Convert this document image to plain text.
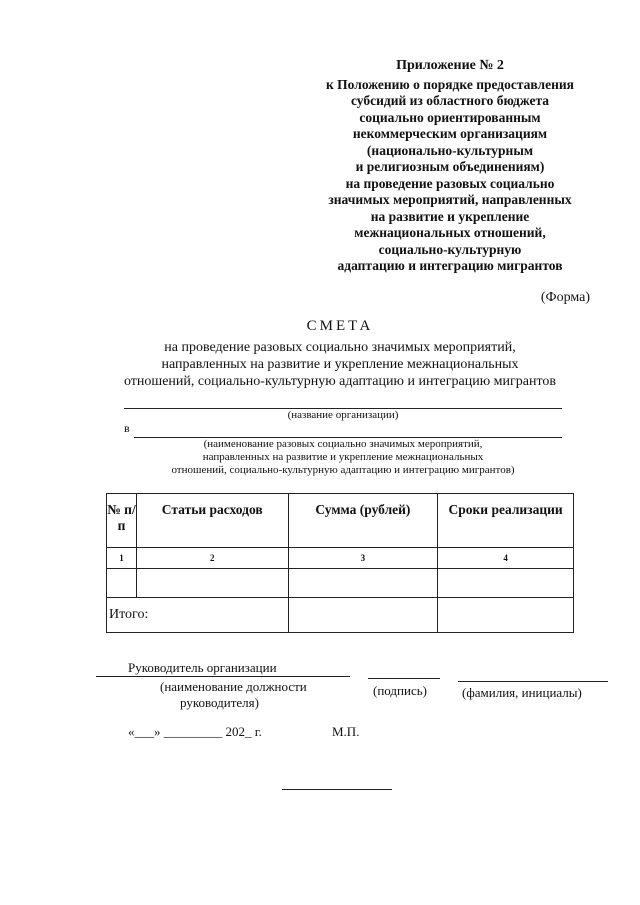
Приложение № 2
к Положению о порядке предоставления
субсидий из областного бюджета
социально ориентированным
некоммерческим организациям
(национально-культурным
и религиозным объединениям)
на проведение разовых социально
значимых мероприятий, направленных
на развитие и укрепление
межнациональных отношений,
социально-культурную
адаптацию и интеграцию мигрантов
(Форма)
СМЕТА
на проведение разовых социально значимых мероприятий,
направленных на развитие и укрепление межнациональных
отношений, социально-культурную адаптацию и интеграцию мигрантов
(название организации)
в
(наименование разовых социально значимых мероприятий,
направленных на развитие и укрепление межнациональных
отношений, социально-культурную адаптацию и интеграцию мигрантов)
№ п/п	Статьи расходов	Сумма (рублей)	Сроки реализации
1	2	3	4

Итого:			
Руководитель организации
(наименование должности
руководителя)
(подпись)	(фамилия, инициалы)
«___» _________ 202_ г.	М.П.
